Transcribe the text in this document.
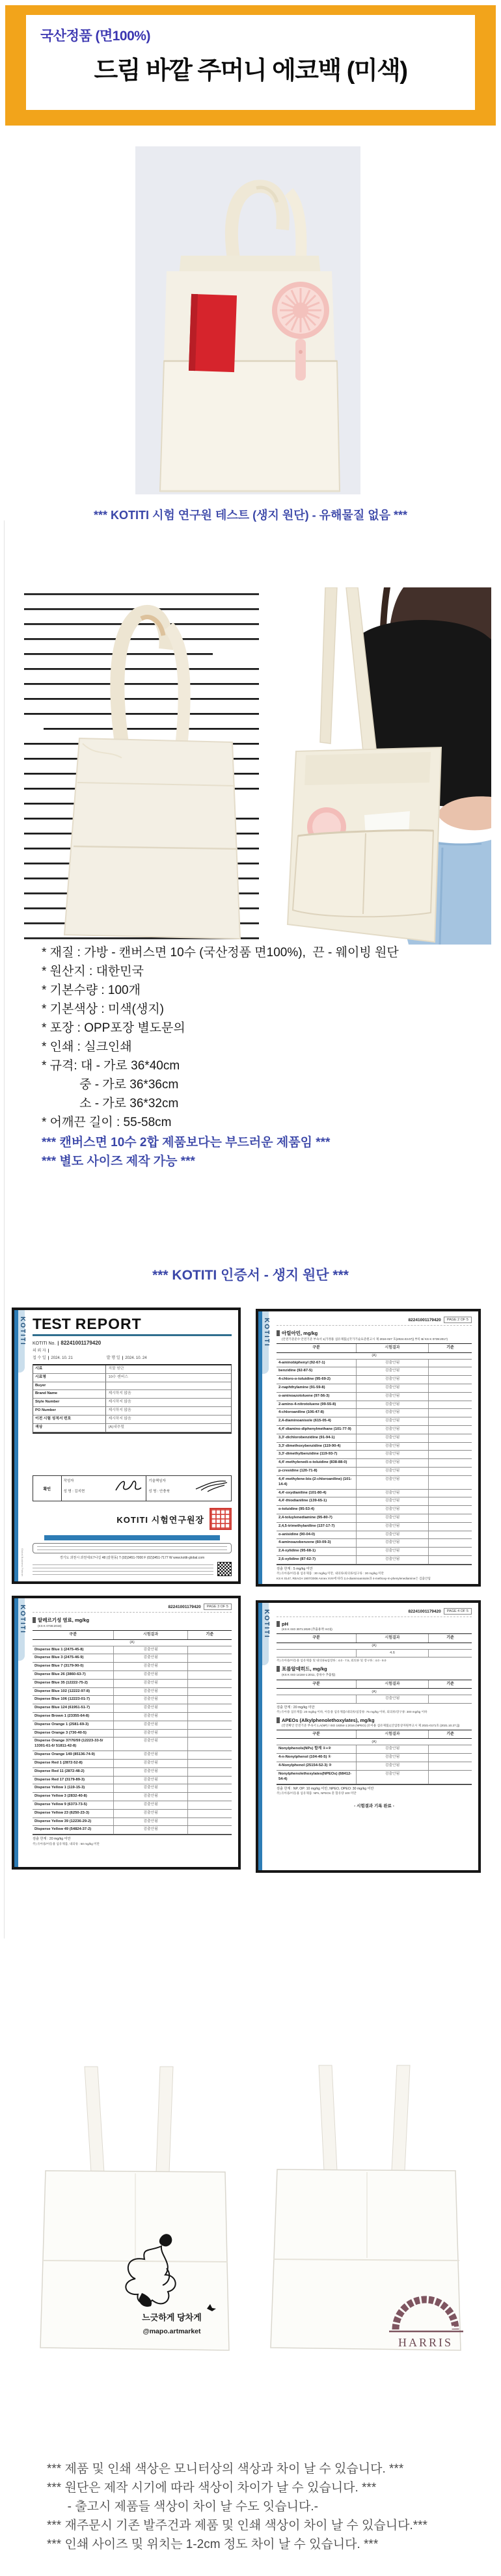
국산정품 (면100%)
드림 바깥 주머니 에코백 (미색)
*** KOTITI 시험 연구원 테스트 (생지 원단) - 유해물질 없음 ***
* 재질 : 가방 - 캔버스면 10수 (국산정품 면100%),  끈 - 웨이빙 원단
* 원산지 : 대한민국
* 기본수량 : 100개
* 기본색상 : 미색(생지)
* 포장 : OPP포장 별도문의
* 인쇄 : 실크인쇄
* 규격: 대 - 가로 36*40cm
중 - 가로 36*36cm
소 - 가로 36*32cm
* 어깨끈 길이 : 55-58cm
*** 캔버스면 10수 2합 제품보다는 부드러운 제품임 ***
*** 별도 사이즈 제작 가능 ***
*** KOTITI 인증서 - 생지 원단 ***
KOTITI
Global Business Partner
TEST REPORT
KOTITI No. | 82241001179420
의 뢰 자 |
접 수 일 | 2024. 10. 21	발 행 일 | 2024. 10. 24
시료	직물 원단
시료명	10수 캔버스
Buyer
Brand Name	제시하지 않음
Style Number	제시하지 않음
PO Number	제시하지 않음
이전 시험 성적서 번호	제시하지 않음
색상	(A)내추럴
확인
작성자
성 명 : 김지현
기술책임자
성 명 : 안충북
KOTITI 시험연구원장
경기도 과천시 과천대로7나길 48 (갈현동) T (02)3451-7000 F (02)3451-7177 W www.kotiti-global.com
KOTITI	82241001179420	PAGE 2 OF 5
아릴아민, mg/kg
(안전기준준수 안전기준 부속서 1(가정용 섬유제품) [국가기술표준원고시 제 2024-027 호(2024.03.07)] 부록 B/ KS K 0739:2017)
구분	시험결과	기준
(A)
4-aminobiphenyl (92-67-1)	검출안됨
benzidine (92-87-5)	검출안됨
4-chloro-o-toluidine (95-69-2)	검출안됨
2-naphthylamine (91-59-8)	검출안됨
o-aminoazotoluene (97-56-3)	검출안됨
2-amino-4-nitrotoluene (99-55-8)	검출안됨
4-chloroaniline (106-47-8)	검출안됨
2,4-diaminoanisole (615-05-4)	검출안됨
4,4'-diamino-diphenylmethane (101-77-9)	검출안됨
3,3'-dichlorobenzidine (91-94-1)	검출안됨
3,3'-dimethoxybenzidine (119-90-4)	검출안됨
3,3'-dimethylbenzidine (119-93-7)	검출안됨
4,4'-methylenedi-o-toluidine (838-88-0)	검출안됨
p-cresidine (120-71-8)	검출안됨
4,4'-methylene-bis-(2-chloroaniline) (101-14-4)
검출안됨
4,4'-oxydianiline (101-80-4)	검출안됨
4,4'-thiodianiline (139-65-1)	검출안됨
o-toluidine (95-53-4)	검출안됨
2,4-toluylenediamine (95-80-7)	검출안됨
2,4,5-trimethylaniline (137-17-7)	검출안됨
o-anisidine (90-04-0)	검출안됨
4-aminoazobenzene (60-09-3)	검출안됨
2,4-xylidine (95-68-1)	검출안됨
2,6-xylidine (87-62-7)	검출안됨
검출 한계 : 5 mg/kg 미만
주) 유아용/아동용 섬유제품 : 30 mg/kg 미만, 내의류/외의류/침구류 : 30 mg/kg 미만
KS K 0147, REACH 1907/2006 Annex XVII에 따라 2,4-diaminoanisole과 4-methoxy-m-phenylenediamine은 검출안됨
KOTITI	82241001179420	PAGE 3 OF 5
알레르기성 염료, mg/kg
(KS K 0736:2019)
구분	시험결과	기준
(A)
Disperse Blue 1 (2475-45-8)	검출안됨
Disperse Blue 3 (2475-46-9)	검출안됨
Disperse Blue 7 (3179-90-0)	검출안됨
Disperse Blue 26 (3860-63-7)	검출안됨
Disperse Blue 35 (12222-75-2)	검출안됨
Disperse Blue 102 (12222-97-8)	검출안됨
Disperse Blue 106 (12223-01-7)	검출안됨
Disperse Blue 124 (61951-51-7)	검출안됨
Disperse Brown 1 (23355-64-8)	검출안됨
Disperse Orange 1 (2581-69-3)	검출안됨
Disperse Orange 3 (730-40-5)	검출안됨
Disperse Orange 37/76/59 (12223-33-5/ 13301-61-6/ 51811-42-8)
검출안됨
Disperse Orange 149 (85136-74-9)	검출안됨
Disperse Red 1 (2872-52-8)	검출안됨
Disperse Red 11 (2872-48-2)	검출안됨
Disperse Red 17 (3179-89-3)	검출안됨
Disperse Yellow 1 (119-15-3)	검출안됨
Disperse Yellow 3 (2832-40-8)	검출안됨
Disperse Yellow 9 (6373-73-5)	검출안됨
Disperse Yellow 23 (6250-23-3)	검출안됨
Disperse Yellow 39 (12236-29-2)	검출안됨
Disperse Yellow 49 (54824-37-2)	검출안됨
검출 한계 : 20 mg/kg 미만
주) 유아용/아동용 섬유제품, 내의류 : 50 mg/kg 미만
KOTITI	82241001179420	PAGE 4 OF 5
pH
(KS K ISO 3071:2020 (추출용액: KCl))
구분	시험결과	기준
(A)
4.6
주) 유아용/아동용 섬유제품 및 내의류&침장류 : 4.0 - 7.5, 외의류 및 장구류 : 4.0 - 9.0
포름알데히드, mg/kg
(KS K ISO 14184-1:2011, 증류수 추출법)
구분	시험결과	기준
(A)
검출안됨
검출 한계 : 20 mg/kg 미만
주) 유아용 섬유제품: 20 mg/kg 이하, 아동용 섬유제품/내의류/침장류: 75 mg/kg 이하, 외의류/장구류: 300 mg/kg 이하
APEOs (Alkylphenolethoxylates), mg/kg
(안전확인 안전기준 부속서 1,A(NP) / ISO 18254-1:2016 (NPEO) (유아용 섬유제품) [산업통상자원부고시 제 2021-0171호 (2021.10.27.)])
구분	시험결과	기준
(A)
Nonylphenols(NPs) 합계 ①+②	검출안됨
4-n-Nonylphenol (104-40-5) ①	검출안됨
4-Nonylphenol (25154-52-3) ②	검출안됨
Nonylphenolethoxylates(NPEOs) (68412-54-4)
검출안됨
검출 한계 : NP, OP: 10 mg/kg 미만, NPEO, OPEO: 30 mg/kg 미만
주) 유아용/아동용 섬유제품: NPs, NPEOs 총 함유량 100 미만
- 시험결과 기록 완료 -
느긋하게 당차게
@mapo.artmarket
HARRIS
*** 제품 및 인쇄 색상은 모니터상의 색상과 차이 날 수 있습니다. ***
*** 원단은 제작 시기에 따라 색상이 차이가 날 수 있습니다. ***
- 출고시 제품들 색상이 차이 날 수도 잇습니다.-
*** 재주문시 기존 발주건과 제품 및 인쇄 색상이 차이 날 수 있습니다.***
*** 인쇄 사이즈 및 위치는 1-2cm 정도 차이 날 수 있습니다. ***
